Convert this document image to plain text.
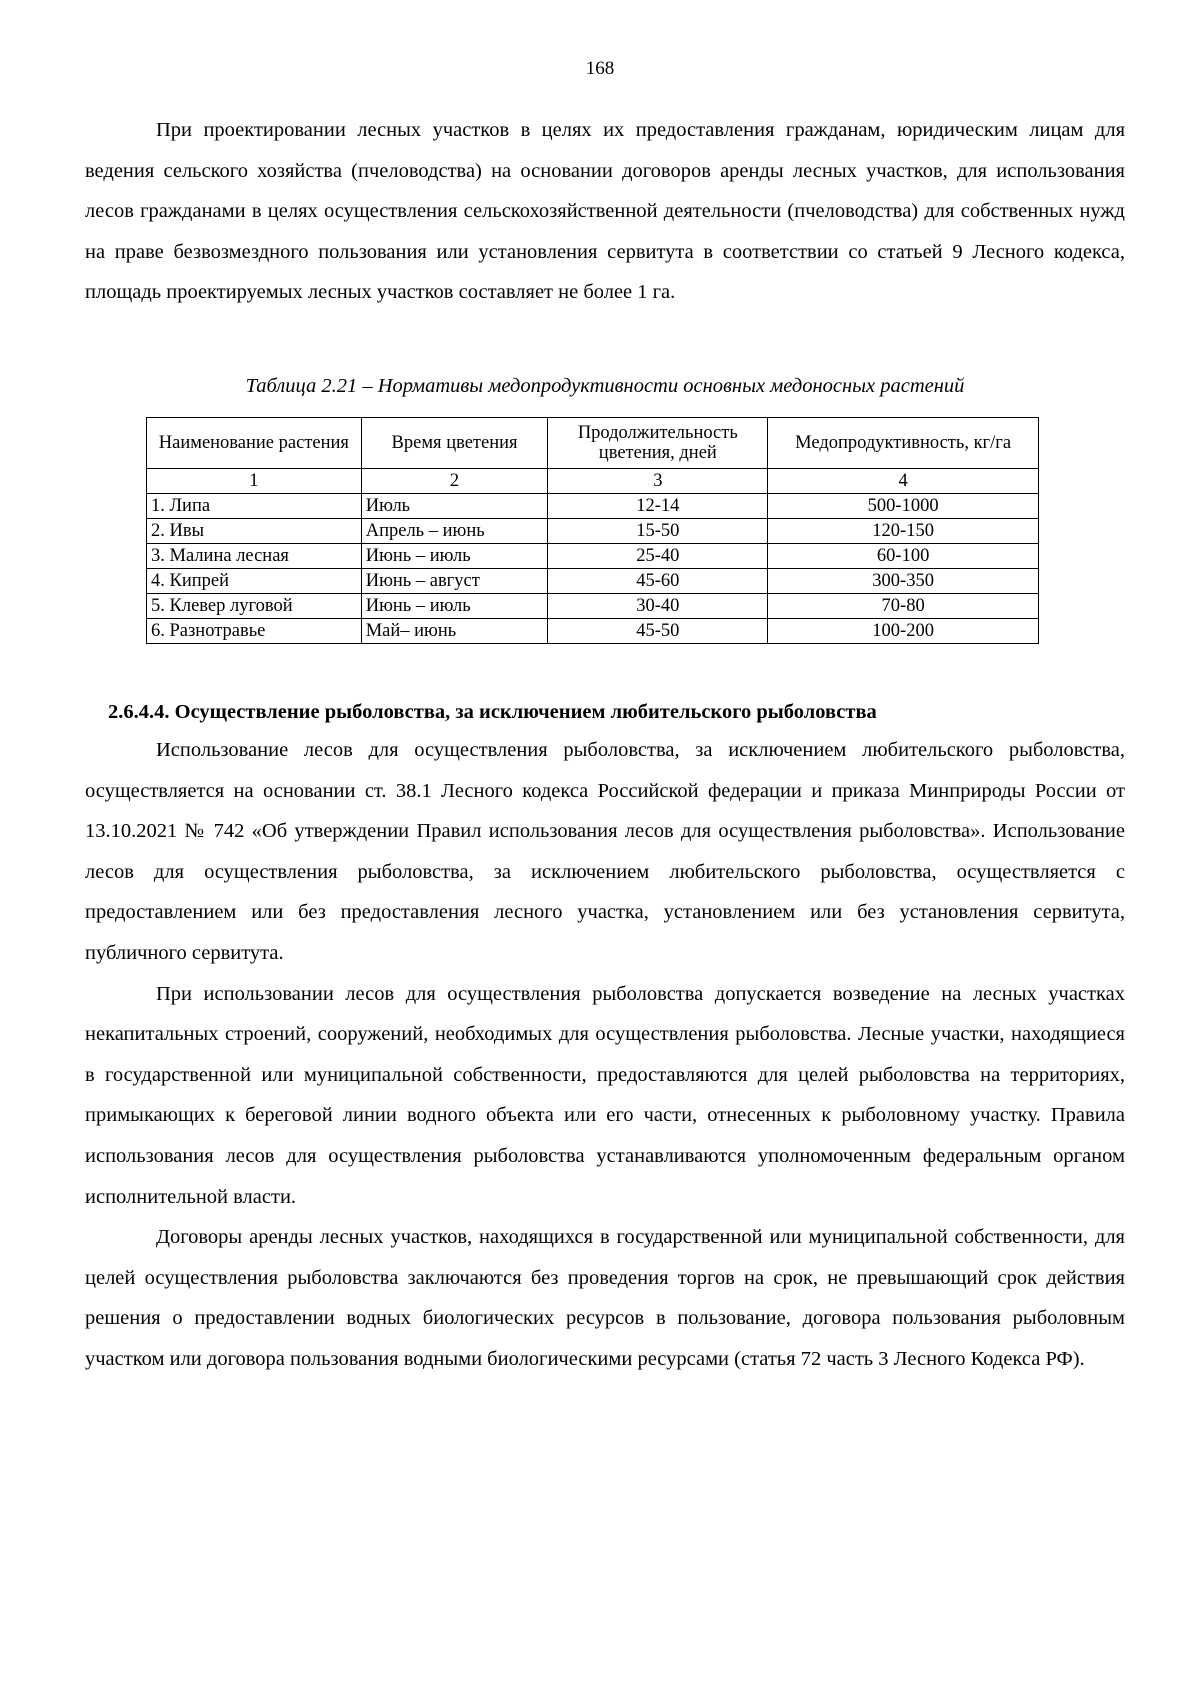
168

При проектировании лесных участков в целях их предоставления гражданам, юридическим лицам для ведения сельского хозяйства (пчеловодства) на основании договоров аренды лесных участков, для использования лесов гражданами в целях осуществления сельскохозяйственной деятельности (пчеловодства) для собственных нужд на праве безвозмездного пользования или установления сервитута в соответствии со статьей 9 Лесного кодекса, площадь проектируемых лесных участков составляет не более 1 га.

Таблица 2.21 – Нормативы медопродуктивности основных медоносных растений
Наименование растения	Время цветения	Продолжительность цветения, дней	Медопродуктивность, кг/га
1	2	3	4
1. Липа	Июль	12-14	500-1000
2. Ивы	Апрель – июнь	15-50	120-150
3. Малина лесная	Июнь – июль	25-40	60-100
4. Кипрей	Июнь – август	45-60	300-350
5. Клевер луговой	Июнь – июль	30-40	70-80
6. Разнотравье	Май– июнь	45-50	100-200
2.6.4.4. Осуществление рыболовства, за исключением любительского рыболовства

Использование лесов для осуществления рыболовства, за исключением любительского рыболовства, осуществляется на основании ст. 38.1 Лесного кодекса Российской федерации и приказа Минприроды России от 13.10.2021 № 742 «Об утверждении Правил использования лесов для осуществления рыболовства». Использование лесов для осуществления рыболовства, за исключением любительского рыболовства, осуществляется с предоставлением или без предоставления лесного участка, установлением или без установления сервитута, публичного сервитута.

При использовании лесов для осуществления рыболовства допускается возведение на лесных участках некапитальных строений, сооружений, необходимых для осуществления рыболовства. Лесные участки, находящиеся в государственной или муниципальной собственности, предоставляются для целей рыболовства на территориях, примыкающих к береговой линии водного объекта или его части, отнесенных к рыболовному участку. Правила использования лесов для осуществления рыболовства устанавливаются уполномоченным федеральным органом исполнительной власти.

Договоры аренды лесных участков, находящихся в государственной или муниципальной собственности, для целей осуществления рыболовства заключаются без проведения торгов на срок, не превышающий срок действия решения о предоставлении водных биологических ресурсов в пользование, договора пользования рыболовным участком или договора пользования водными биологическими ресурсами (статья 72 часть 3 Лесного Кодекса РФ).
